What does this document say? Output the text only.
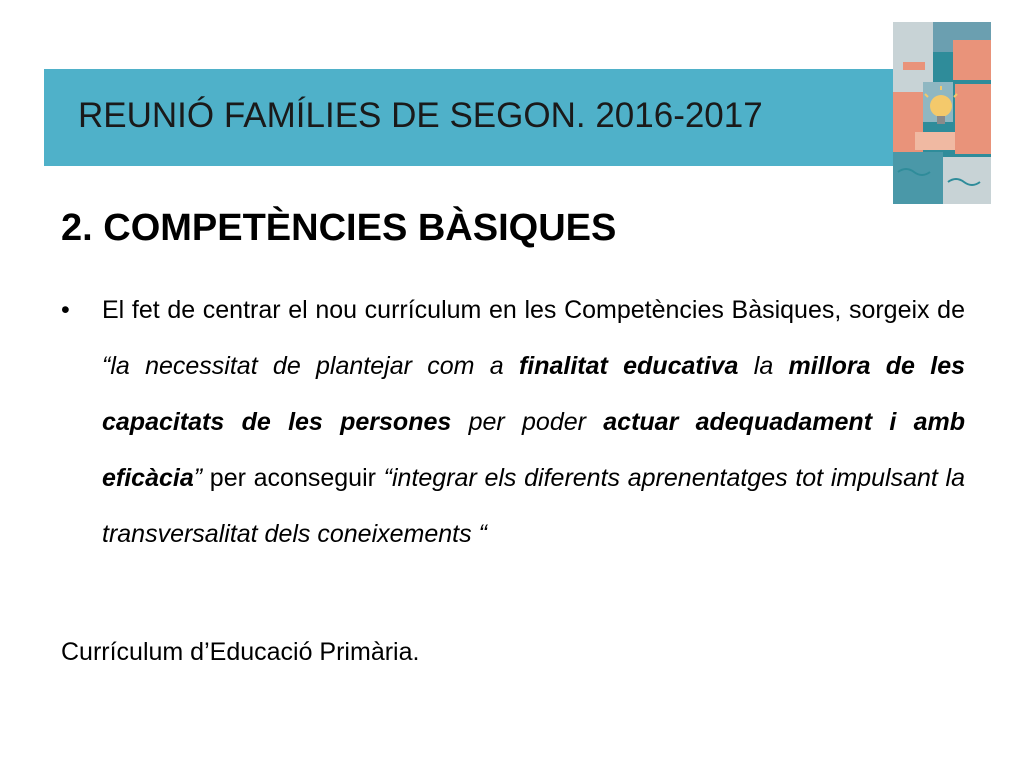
REUNIÓ FAMÍLIES DE SEGON. 2016-2017
2. COMPETÈNCIES BÀSIQUES
• El fet de centrar el nou currículum en les Competències Bàsiques, sorgeix de “la necessitat de plantejar com a finalitat educativa la millora de les capacitats de les persones per poder actuar adequadament i amb eficàcia” per aconseguir “integrar els diferents aprenentatges tot impulsant la transversalitat dels coneixements “
Currículum d’Educació Primària.
